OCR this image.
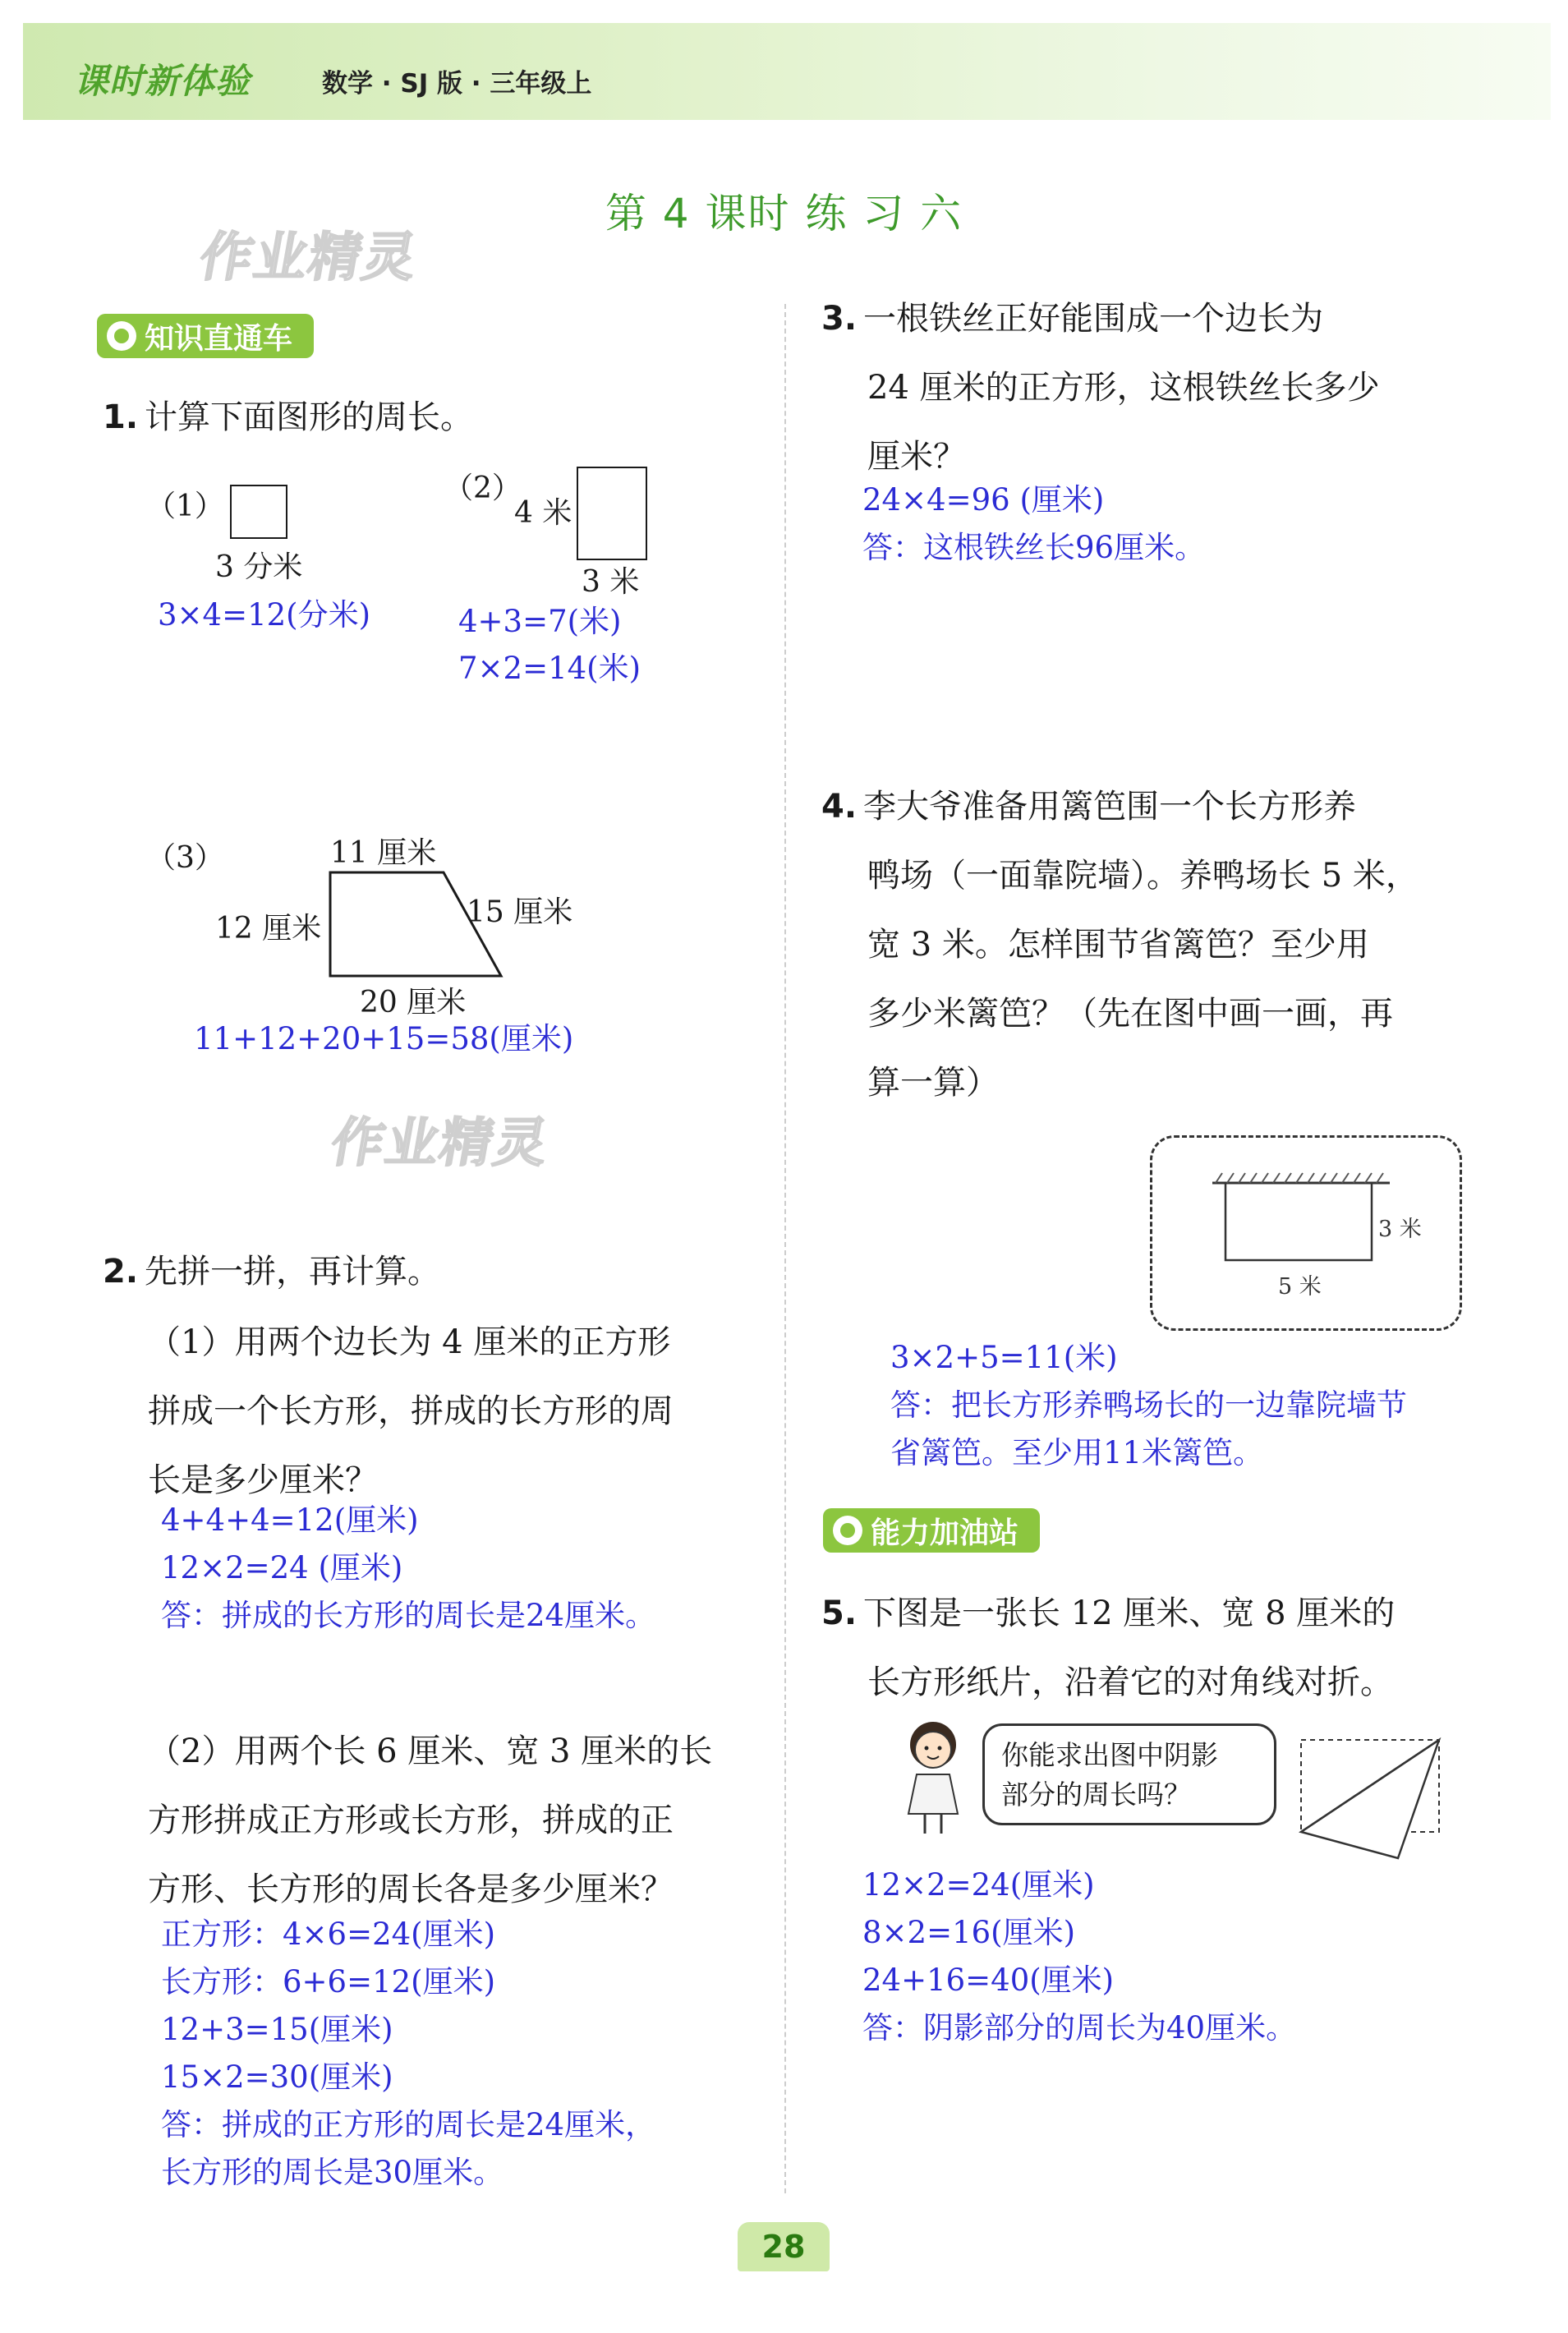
课时新体验	数学 · SJ 版 · 三年级上
第 4 课时 练 习 六
作业精灵
作业精灵
知识直通车
1. 计算下面图形的周长。
（1）
3 分米
3×4=12(分米)
（2）
4 米
3 米
4+3=7(米)
7×2=14(米)
（3）	11 厘米
12 厘米	15 厘米
20 厘米
11+12+20+15=58(厘米)
2. 先拼一拼，再计算。
（1）用两个边长为 4 厘米的正方形
拼成一个长方形，拼成的长方形的周
长是多少厘米？
4+4+4=12(厘米)
12×2=24 (厘米)
答：拼成的长方形的周长是24厘米。
（2）用两个长 6 厘米、宽 3 厘米的长
方形拼成正方形或长方形，拼成的正
方形、长方形的周长各是多少厘米？
正方形：4×6=24(厘米)
长方形：6+6=12(厘米)
12+3=15(厘米)
15×2=30(厘米)
答：拼成的正方形的周长是24厘米，
长方形的周长是30厘米。
3. 一根铁丝正好能围成一个边长为
24 厘米的正方形，这根铁丝长多少
厘米？
24×4=96 (厘米)
答：这根铁丝长96厘米。
4. 李大爷准备用篱笆围一个长方形养
鸭场（一面靠院墙）。养鸭场长 5 米，
宽 3 米。怎样围节省篱笆？至少用
多少米篱笆？（先在图中画一画，再
算一算）
3 米
5 米
3×2+5=11(米)
答：把长方形养鸭场长的一边靠院墙节
省篱笆。至少用11米篱笆。
能力加油站
5. 下图是一张长 12 厘米、宽 8 厘米的
长方形纸片，沿着它的对角线对折。
你能求出图中阴影
部分的周长吗？
12×2=24(厘米)
8×2=16(厘米)
24+16=40(厘米)
答：阴影部分的周长为40厘米。
28
